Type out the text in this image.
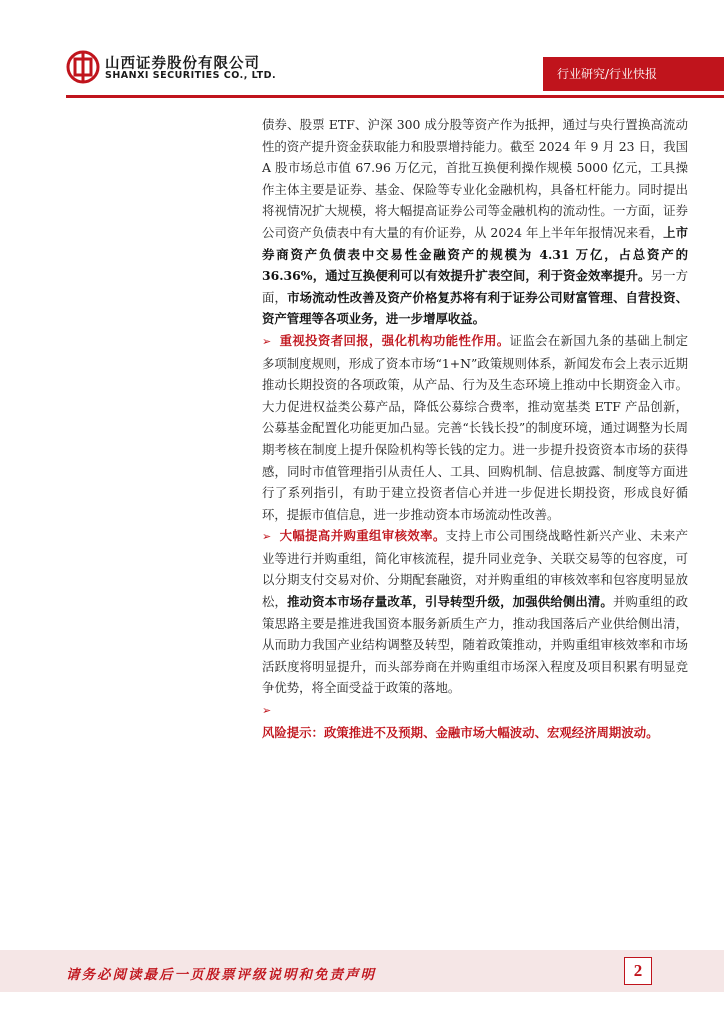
山西证券股份有限公司
SHANXI SECURITIES CO., LTD.	行业研究/行业快报

债券、股票 ETF、沪深 300 成分股等资产作为抵押，通过与央行置换高流动性的资产提升资金获取能力和股票增持能力。截至 2024 年 9 月 23 日，我国 A 股市场总市值 67.96 万亿元，首批互换便利操作规模 5000 亿元，工具操作主体主要是证券、基金、保险等专业化金融机构，具备杠杆能力。同时提出将视情况扩大规模，将大幅提高证券公司等金融机构的流动性。一方面，证券公司资产负债表中有大量的有价证券，从 2024 年上半年年报情况来看，上市券商资产负债表中交易性金融资产的规模为 4.31 万亿，占总资产的 36.36%，通过互换便利可以有效提升扩表空间，利于资金效率提升。另一方面，市场流动性改善及资产价格复苏将有利于证券公司财富管理、自营投资、资产管理等各项业务，进一步增厚收益。

➢ 重视投资者回报，强化机构功能性作用。证监会在新国九条的基础上制定多项制度规则，形成了资本市场“1+N”政策规则体系，新闻发布会上表示近期推动长期投资的各项政策，从产品、行为及生态环境上推动中长期资金入市。大力促进权益类公募产品，降低公募综合费率，推动宽基类 ETF 产品创新，公募基金配置化功能更加凸显。完善“长钱长投”的制度环境，通过调整为长周期考核在制度上提升保险机构等长钱的定力。进一步提升投资资本市场的获得感，同时市值管理指引从责任人、工具、回购机制、信息披露、制度等方面进行了系列指引，有助于建立投资者信心并进一步促进长期投资，形成良好循环，提振市值信息，进一步推动资本市场流动性改善。

➢ 大幅提高并购重组审核效率。支持上市公司围绕战略性新兴产业、未来产业等进行并购重组，简化审核流程，提升同业竞争、关联交易等的包容度，可以分期支付交易对价、分期配套融资，对并购重组的审核效率和包容度明显放松，推动资本市场存量改革，引导转型升级，加强供给侧出清。并购重组的政策思路主要是推进我国资本服务新质生产力，推动我国落后产业供给侧出清，从而助力我国产业结构调整及转型，随着政策推动，并购重组审核效率和市场活跃度将明显提升，而头部券商在并购重组市场深入程度及项目积累有明显竞争优势，将全面受益于政策的落地。

➢

风险提示：政策推进不及预期、金融市场大幅波动、宏观经济周期波动。

请务必阅读最后一页股票评级说明和免责声明	2
